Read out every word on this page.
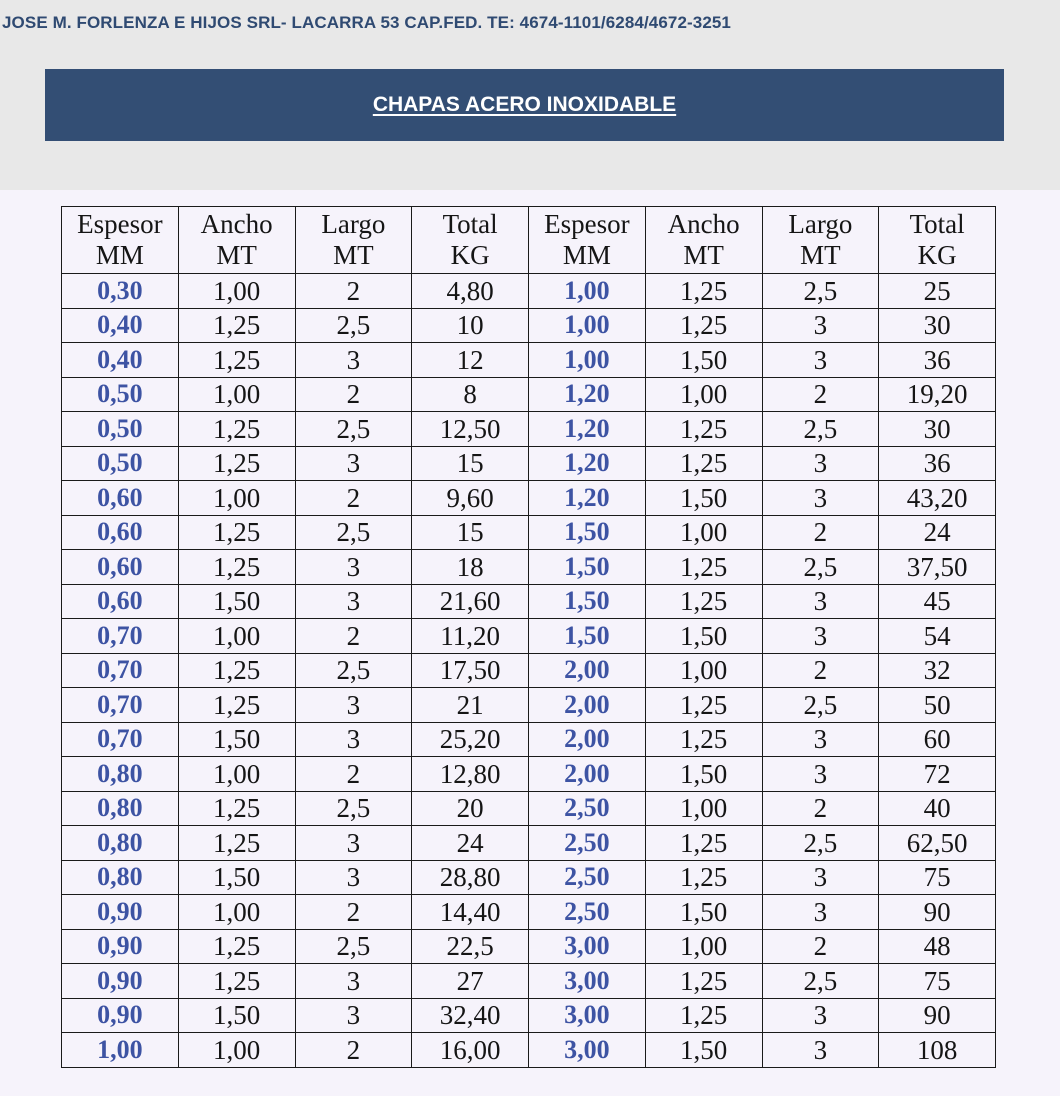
JOSE M. FORLENZA E HIJOS SRL- LACARRA 53 CAP.FED. TE: 4674-1101/6284/4672-3251
CHAPAS ACERO INOXIDABLE
Espesor
MM	Ancho
MT	Largo
MT	Total
KG	Espesor
MM	Ancho
MT	Largo
MT	Total
KG

0,30	1,00	2	4,80	1,00	1,25	2,5	25
0,40	1,25	2,5	10	1,00	1,25	3	30
0,40	1,25	3	12	1,00	1,50	3	36
0,50	1,00	2	8	1,20	1,00	2	19,20
0,50	1,25	2,5	12,50	1,20	1,25	2,5	30
0,50	1,25	3	15	1,20	1,25	3	36
0,60	1,00	2	9,60	1,20	1,50	3	43,20
0,60	1,25	2,5	15	1,50	1,00	2	24
0,60	1,25	3	18	1,50	1,25	2,5	37,50
0,60	1,50	3	21,60	1,50	1,25	3	45
0,70	1,00	2	11,20	1,50	1,50	3	54
0,70	1,25	2,5	17,50	2,00	1,00	2	32
0,70	1,25	3	21	2,00	1,25	2,5	50
0,70	1,50	3	25,20	2,00	1,25	3	60
0,80	1,00	2	12,80	2,00	1,50	3	72
0,80	1,25	2,5	20	2,50	1,00	2	40
0,80	1,25	3	24	2,50	1,25	2,5	62,50
0,80	1,50	3	28,80	2,50	1,25	3	75
0,90	1,00	2	14,40	2,50	1,50	3	90
0,90	1,25	2,5	22,5	3,00	1,00	2	48
0,90	1,25	3	27	3,00	1,25	2,5	75
0,90	1,50	3	32,40	3,00	1,25	3	90
1,00	1,00	2	16,00	3,00	1,50	3	108
